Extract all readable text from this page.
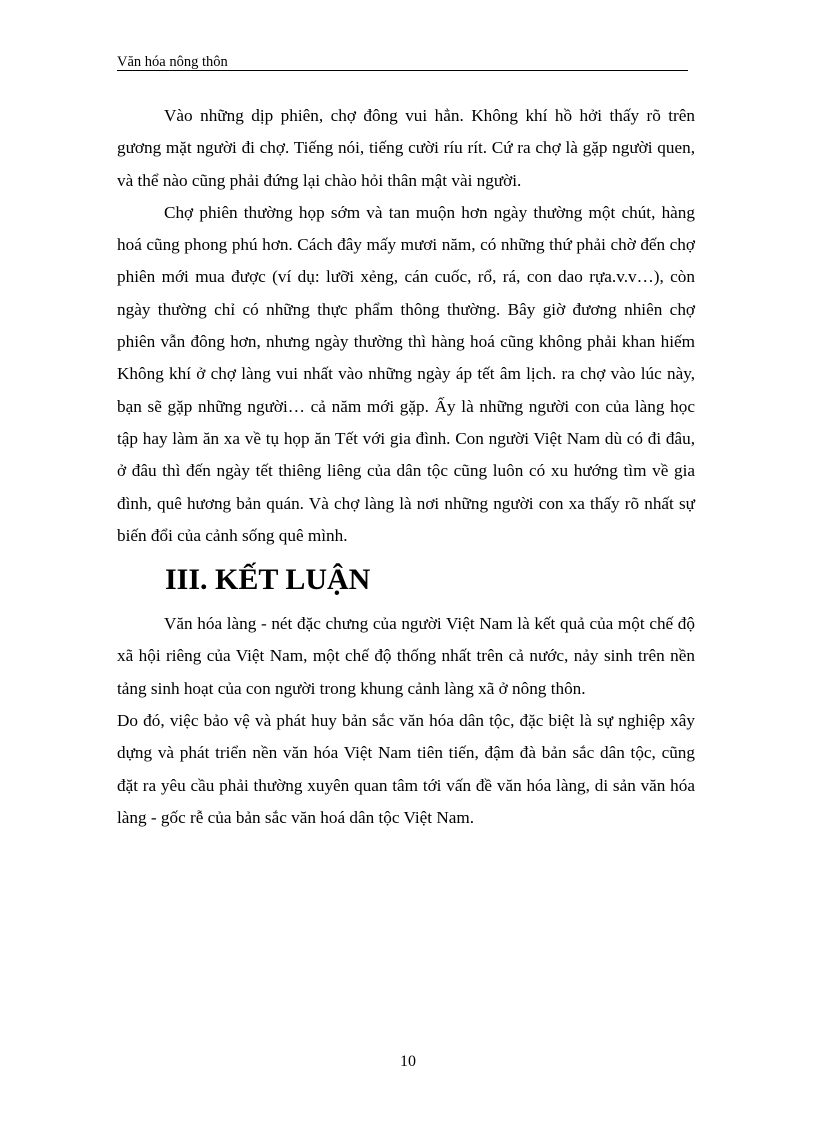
Văn hóa nông thôn

Vào những dịp phiên, chợ đông vui hẳn. Không khí hồ hởi thấy rõ trên gương mặt người đi chợ. Tiếng nói, tiếng cười ríu rít. Cứ ra chợ là gặp người quen, và thể nào cũng phải đứng lại chào hỏi thân mật vài người.

Chợ phiên thường họp sớm và tan muộn hơn ngày thường một chút, hàng hoá cũng phong phú hơn. Cách đây mấy mươi năm, có những thứ phải chờ đến chợ phiên mới mua được (ví dụ: lưỡi xẻng, cán cuốc, rổ, rá, con dao rựa.v.v…), còn ngày thường chỉ có những thực phẩm thông thường. Bây giờ đương nhiên chợ phiên vẫn đông hơn, nhưng ngày thường thì hàng hoá cũng không phải khan hiếm Không khí ở chợ làng vui nhất vào những ngày áp tết âm lịch. ra chợ vào lúc này, bạn sẽ gặp những người… cả năm mới gặp. Ấy là những người con của làng học tập hay làm ăn xa về tụ họp ăn Tết với gia đình. Con người Việt Nam dù có đi đâu, ở đâu thì đến ngày tết thiêng liêng của dân tộc cũng luôn có xu hướng tìm về gia đình, quê hương bản quán. Và chợ làng là nơi những người con xa thấy rõ nhất sự biến đổi của cảnh sống quê mình.

III. KẾT LUẬN

Văn hóa làng - nét đặc chưng của người Việt Nam là kết quả của một chế độ xã hội riêng của Việt Nam, một chế độ thống nhất trên cả nước, nảy sinh trên nền tảng sinh hoạt của con người trong khung cảnh làng xã ở nông thôn.

Do đó, việc bảo vệ và phát huy bản sắc văn hóa dân tộc, đặc biệt là sự nghiệp xây dựng và phát triển nền văn hóa Việt Nam tiên tiến, đậm đà bản sắc dân tộc, cũng đặt ra yêu cầu phải thường xuyên quan tâm tới vấn đề văn hóa làng, di sản văn hóa làng - gốc rễ của bản sắc văn hoá dân tộc Việt Nam.

10
